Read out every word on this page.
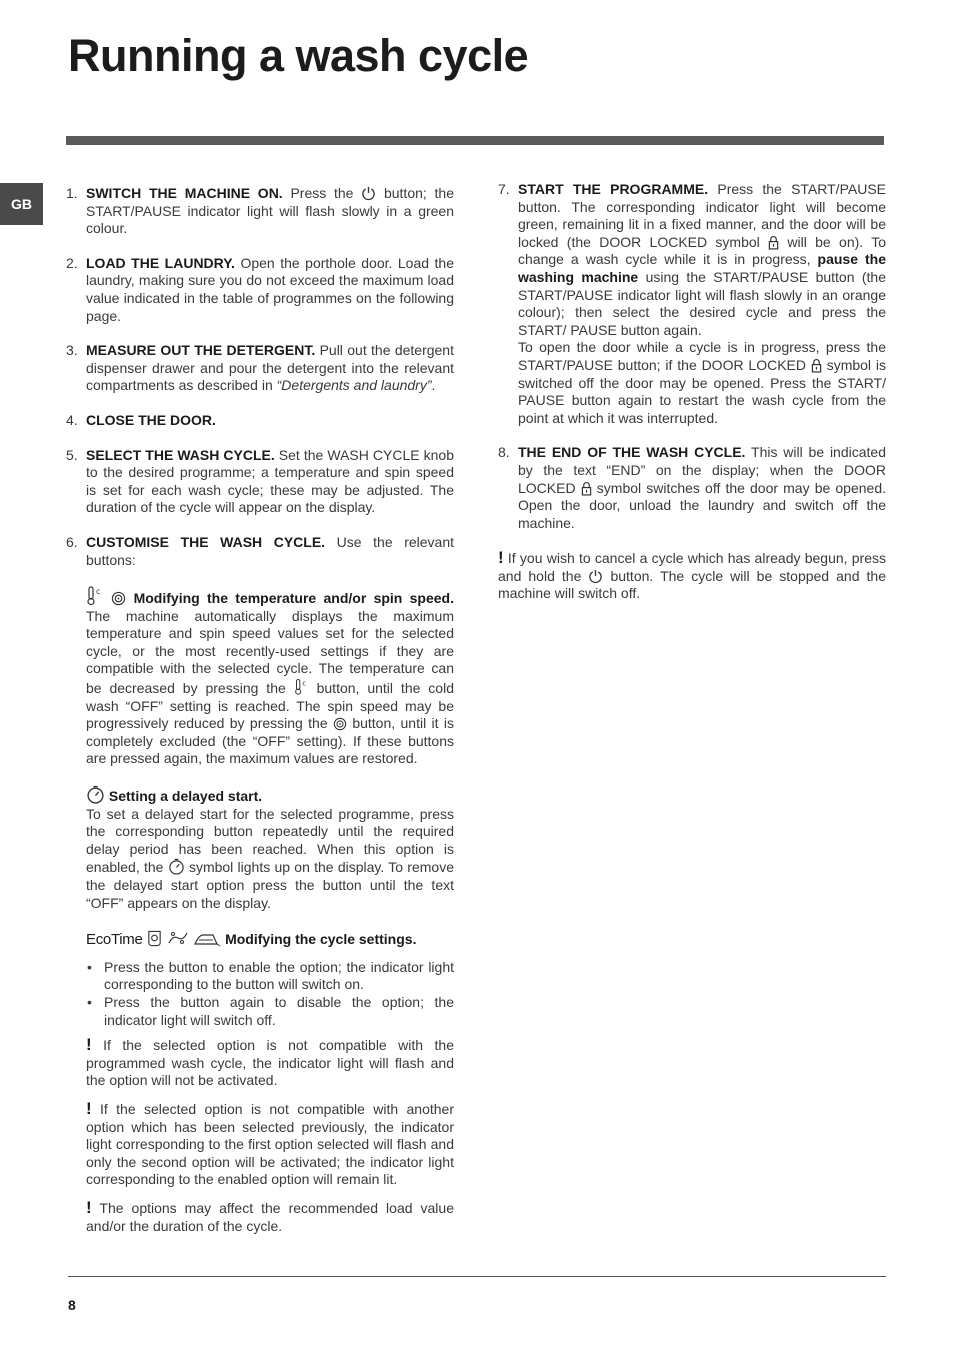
Running a wash cycle
GB
1. SWITCH THE MACHINE ON. Press the
button; the START/PAUSE indicator light will flash slowly in a green colour.
2. LOAD THE LAUNDRY. Open the porthole door. Load the laundry, making sure you do not exceed the maximum load value indicated in the table of programmes on the following page.
3. MEASURE OUT THE DETERGENT. Pull out the detergent dispenser drawer and pour the detergent into the relevant compartments as described in “Detergents and laundry”.
4. CLOSE THE DOOR.
5. SELECT THE WASH CYCLE. Set the WASH CYCLE knob to the desired programme; a temperature and spin speed is set for each wash cycle; these may be adjusted. The duration of the cycle will appear on the display.
6. CUSTOMISE THE WASH CYCLE. Use the relevant buttons:
c
Modifying the temperature and/or spin speed. The machine automatically displays the maximum temperature and spin speed values set for the selected cycle, or the most recently-used settings if they are compatible with the selected cycle. The temperature can be decreased by pressing the c button, until the cold wash “OFF” setting is reached. The spin speed may be progressively reduced by pressing the
button, until it is completely excluded (the “OFF” setting). If these buttons are pressed again, the maximum values are restored.
Setting a delayed start.
To set a delayed start for the selected programme, press the corresponding button repeatedly until the required delay period has been reached. When this option is enabled, the
symbol lights up on the display. To remove the delayed start option press the button until the text “OFF” appears on the display.
EcoTime

	Modifying the cycle settings.
• Press the button to enable the option; the indicator light corresponding to the button will switch on.
• Press the button again to disable the option; the indicator light will switch off.
! If the selected option is not compatible with the programmed wash cycle, the indicator light will flash and the option will not be activated.
! If the selected option is not compatible with another option which has been selected previously, the indicator light corresponding to the first option selected will flash and only the second option will be activated; the indicator light corresponding to the enabled option will remain lit.
! The options may affect the recommended load value and/or the duration of the cycle.
7. START THE PROGRAMME. Press the START/PAUSE button. The corresponding indicator light will become green, remaining lit in a fixed manner, and the door will be locked (the DOOR LOCKED symbol
will be on). To change a wash cycle while it is in progress, pause the washing machine using the START/PAUSE button (the START/PAUSE indicator light will flash slowly in an orange colour); then select the desired cycle and press the START/ PAUSE button again.
To open the door while a cycle is in progress, press the START/PAUSE button; if the DOOR LOCKED
symbol is switched off the door may be opened. Press the START/ PAUSE button again to restart the wash cycle from the point at which it was interrupted.
8. THE END OF THE WASH CYCLE. This will be indicated by the text “END” on the display; when the DOOR LOCKED
symbol switches off the door may be opened. Open the door, unload the laundry and switch off the machine.
! If you wish to cancel a cycle which has already begun, press and hold the
button. The cycle will be stopped and the machine will switch off.
8
